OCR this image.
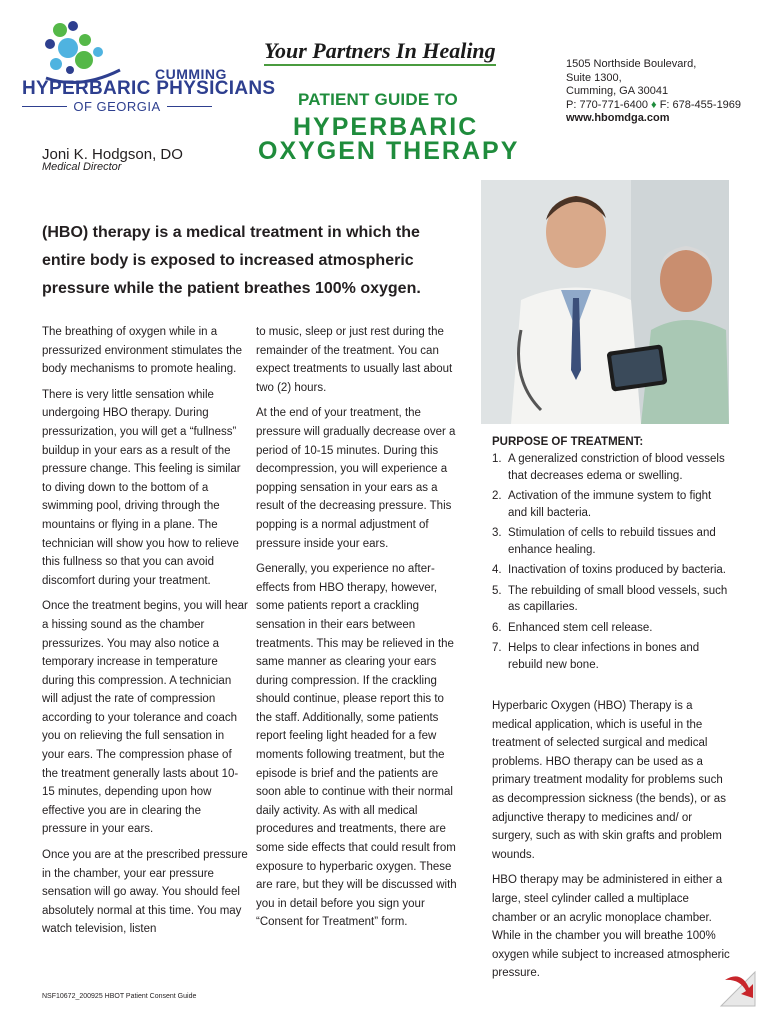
CUMMING
HYPERBARIC PHYSICIANS
OF GEORGIA
Joni K. Hodgson, DO
Medical Director
Your Partners In Healing
PATIENT GUIDE TO
HYPERBARIC
OXYGEN THERAPY
1505 Northside Boulevard,
Suite 1300,
Cumming, GA 30041
P: 770-771-6400 ♦ F: 678-455-1969
www.hbomdga.com
(HBO) therapy is a medical treatment in which the entire body is exposed to increased atmospheric pressure while the patient breathes 100% oxygen.

The breathing of oxygen while in a pressurized environment stimulates the body mechanisms to promote healing.

There is very little sensation while undergoing HBO therapy. During pressurization, you will get a “fullness” buildup in your ears as a result of the pressure change. This feeling is similar to diving down to the bottom of a swimming pool, driving through the mountains or flying in a plane. The technician will show you how to relieve this fullness so that you can avoid discomfort during your treatment.

Once the treatment begins, you will hear a hissing sound as the chamber pressurizes. You may also notice a temporary increase in temperature during this compression. A technician will adjust the rate of compression according to your tolerance and coach you on relieving the full sensation in your ears. The compression phase of the treatment generally lasts about 10-15 minutes, depending upon how effective you are in clearing the pressure in your ears.

Once you are at the prescribed pressure in the chamber, your ear pressure sensation will go away. You should feel absolutely normal at this time. You may watch television, listen

to music, sleep or just rest during the remainder of the treatment. You can expect treatments to usually last about two (2) hours.

At the end of your treatment, the pressure will gradually decrease over a period of 10-15 minutes. During this decompression, you will experience a popping sensation in your ears as a result of the decreasing pressure. This popping is a normal adjustment of pressure inside your ears.

Generally, you experience no after-effects from HBO therapy, however, some patients report a crackling sensation in their ears between treatments. This may be relieved in the same manner as clearing your ears during compression. If the crackling should continue, please report this to the staff. Additionally, some patients report feeling light headed for a few moments following treatment, but the episode is brief and the patients are soon able to continue with their normal daily activity. As with all medical procedures and treatments, there are some side effects that could result from exposure to hyperbaric oxygen. These are rare, but they will be discussed with you in detail before you sign your “Consent for Treatment” form.

PURPOSE OF TREATMENT:
1. A generalized constriction of blood vessels that decreases edema or swelling.
2. Activation of the immune system to fight and kill bacteria.
3. Stimulation of cells to rebuild tissues and enhance healing.
4. Inactivation of toxins produced by bacteria.
5. The rebuilding of small blood vessels, such as capillaries.
6. Enhanced stem cell release.
7. Helps to clear infections in bones and rebuild new bone.

Hyperbaric Oxygen (HBO) Therapy is a medical application, which is useful in the treatment of selected surgical and medical problems. HBO therapy can be used as a primary treatment modality for problems such as decompression sickness (the bends), or as adjunctive therapy to medicines and/ or surgery, such as with skin grafts and problem wounds.

HBO therapy may be administered in either a large, steel cylinder called a multiplace chamber or an acrylic monoplace chamber. While in the chamber you will breathe 100% oxygen while subject to increased atmospheric pressure.

NSF10672_200925 HBOT Patient Consent Guide
